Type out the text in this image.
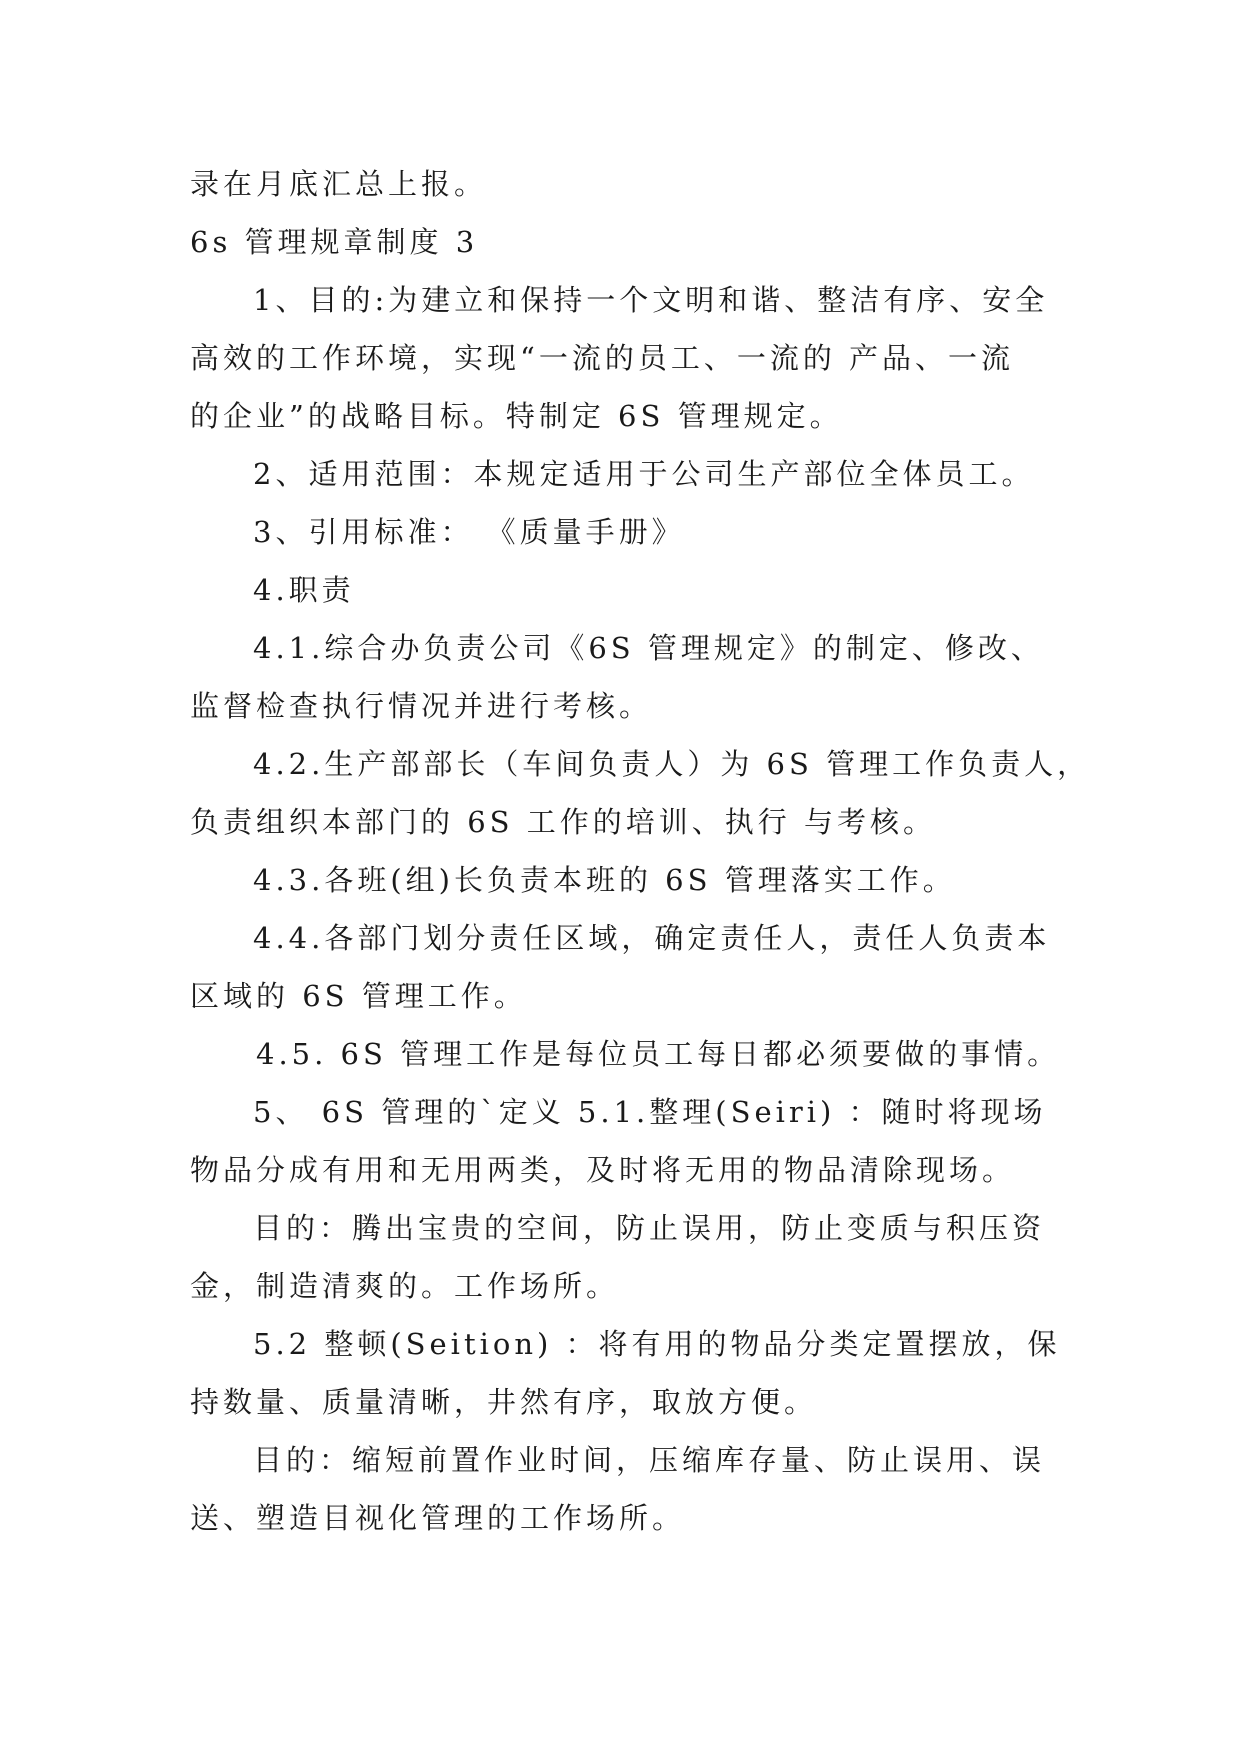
录在月底汇总上报。
6s 管理规章制度 3
1、目的:为建立和保持一个文明和谐、整洁有序、安全
高效的工作环境，实现“一流的员工、一流的 产品、一流
的企业”的战略目标。特制定 6S 管理规定。
2、适用范围：本规定适用于公司生产部位全体员工。
3、引用标准： 《质量手册》
4.职责
4.1.综合办负责公司《6S 管理规定》的制定、修改、
监督检查执行情况并进行考核。
4.2.生产部部长（车间负责人）为 6S 管理工作负责人，
负责组织本部门的 6S 工作的培训、执行 与考核。
4.3.各班(组)长负责本班的 6S 管理落实工作。
4.4.各部门划分责任区域，确定责任人，责任人负责本
区域的 6S 管理工作。
4.5. 6S 管理工作是每位员工每日都必须要做的事情。
5、 6S 管理的`定义 5.1.整理(Seiri) ：随时将现场
物品分成有用和无用两类，及时将无用的物品清除现场。
目的：腾出宝贵的空间，防止误用，防止变质与积压资
金，制造清爽的。工作场所。
5.2 整顿(Seition) ：将有用的物品分类定置摆放，保
持数量、质量清晰，井然有序，取放方便。
目的：缩短前置作业时间，压缩库存量、防止误用、误
送、塑造目视化管理的工作场所。
